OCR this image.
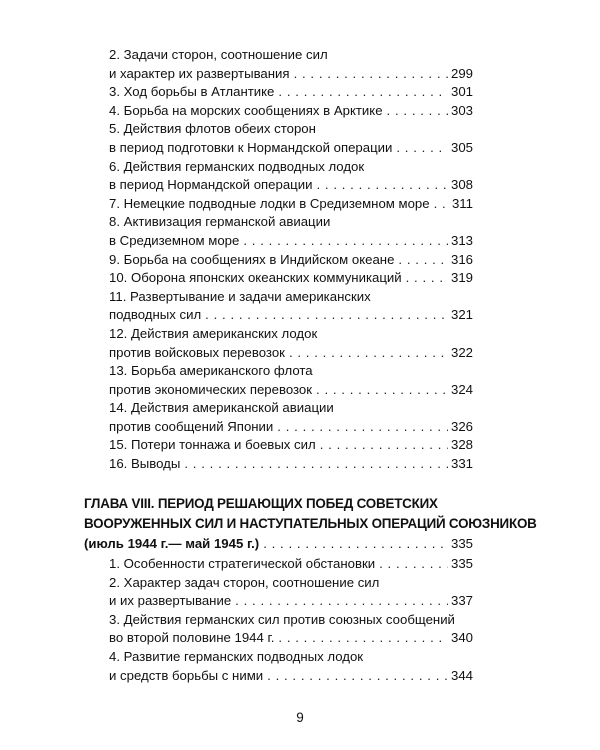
2. Задачи сторон, соотношение сил
и характер их развертывания . . .	299
3. Ход борьбы в Атлантике . . .	301
4. Борьба на морских сообщениях в Арктике . . .	303
5. Действия флотов обеих сторон
в период подготовки к Нормандской операции . . .	305
6. Действия германских подводных лодок
в период Нормандской операции . . .	308
7. Немецкие подводные лодки в Средиземном море . . . 311
8. Активизация германской авиации
в Средиземном море . . .	313
9. Борьба на сообщениях в Индийском океане . . .	316
10. Оборона японских океанских коммуникаций . . .	319
11. Развертывание и задачи американских
подводных сил . . .	321
12. Действия американских лодок
против войсковых перевозок . . .	322
13. Борьба американского флота
против экономических перевозок . . .	324
14. Действия американской авиации
против сообщений Японии . . .	326
15. Потери тоннажа и боевых сил . . .	328
16. Выводы . . .	331
ГЛАВА VIII. ПЕРИОД РЕШАЮЩИХ ПОБЕД СОВЕТСКИХ
ВООРУЖЕННЫХ СИЛ И НАСТУПАТЕЛЬНЫХ ОПЕРАЦИЙ СОЮЗНИКОВ
(июль 1944 г.— май 1945 г.) . . .	335
1. Особенности стратегической обстановки . . .	335
2. Характер задач сторон, соотношение сил
и их развертывание . . .	337
3. Действия германских сил против союзных сообщений
во второй половине 1944 г. . . .	340
4. Развитие германских подводных лодок
и средств борьбы с ними . . .	344
9
